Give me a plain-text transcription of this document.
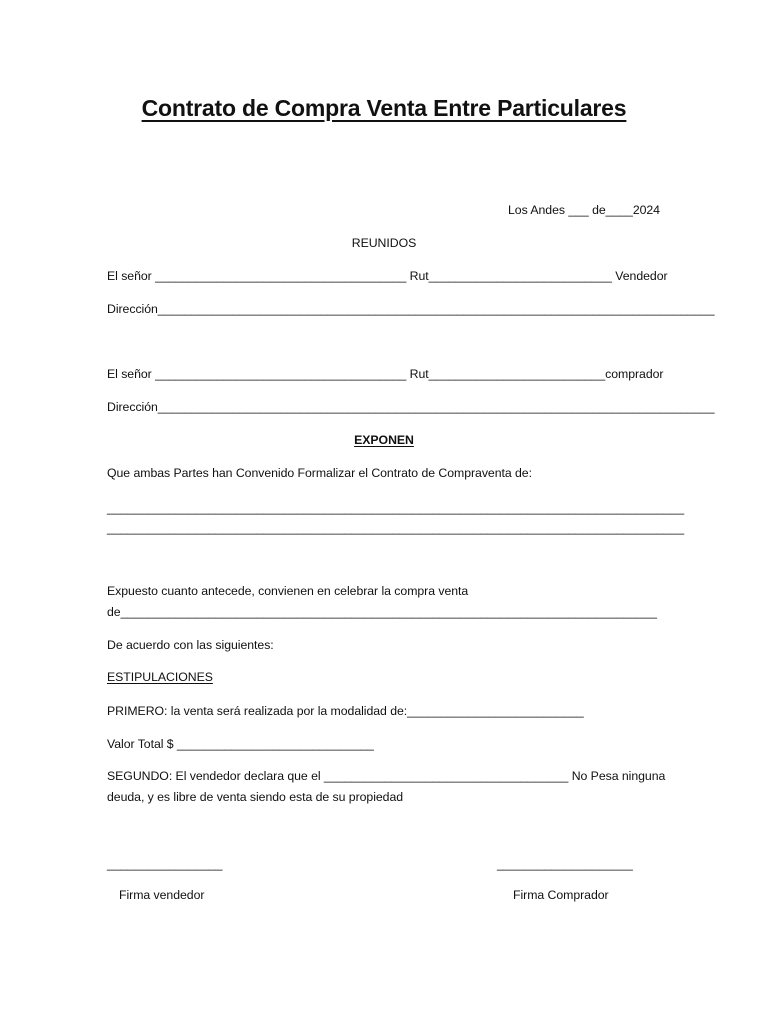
Contrato de Compra Venta Entre Particulares
Los Andes ___ de____2024
REUNIDOS
El señor _____________________________________ Rut___________________________ Vendedor
Dirección__________________________________________________________________________________
El señor _____________________________________ Rut__________________________comprador
Dirección__________________________________________________________________________________
EXPONEN
Que ambas Partes han Convenido Formalizar el Contrato de Compraventa de:
_____________________________________________________________________________________
_____________________________________________________________________________________
Expuesto cuanto antecede, convienen en celebrar la compra venta
de_______________________________________________________________________________
De acuerdo con las siguientes:
ESTIPULACIONES
PRIMERO: la venta será realizada por la modalidad de:__________________________
Valor Total $ _____________________________
SEGUNDO: El vendedor declara que el ____________________________________ No Pesa ninguna
deuda, y es libre de venta siendo esta de su propiedad
_________________	____________________
Firma vendedor	Firma Comprador
